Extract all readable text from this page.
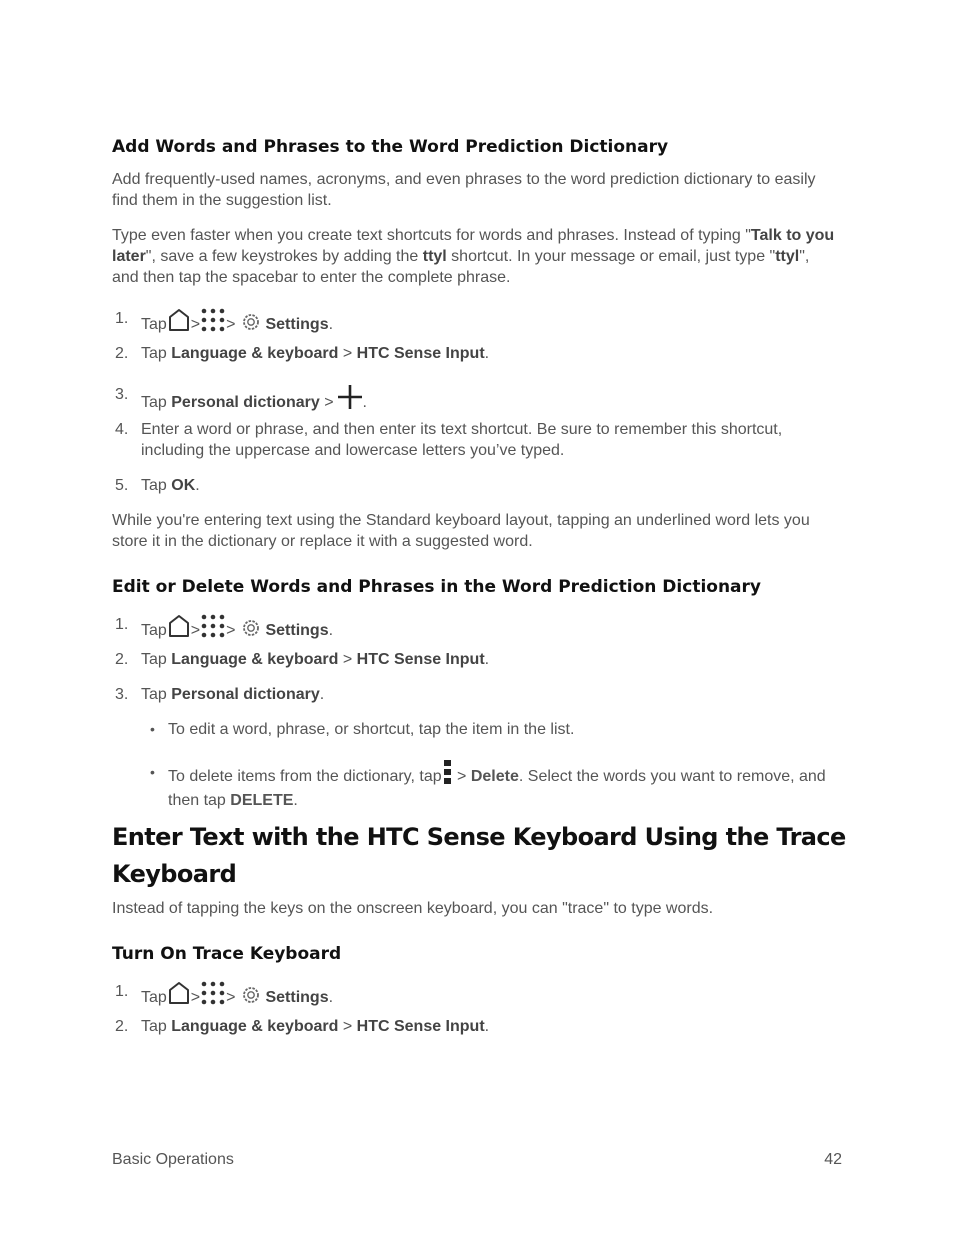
Add Words and Phrases to the Word Prediction Dictionary

Add frequently-used names, acronyms, and even phrases to the word prediction dictionary to easily find them in the suggestion list.

Type even faster when you create text shortcuts for words and phrases. Instead of typing "Talk to you later", save a few keystrokes by adding the ttyl shortcut. In your message or email, just type "ttyl", and then tap the spacebar to enter the complete phrase.

1. Tap > > Settings.
2. Tap Language & keyboard > HTC Sense Input.
3. Tap Personal dictionary > .
4. Enter a word or phrase, and then enter its text shortcut. Be sure to remember this shortcut, including the uppercase and lowercase letters you’ve typed.
5. Tap OK.

While you're entering text using the Standard keyboard layout, tapping an underlined word lets you store it in the dictionary or replace it with a suggested word.

Edit or Delete Words and Phrases in the Word Prediction Dictionary
1. Tap > > Settings.
2. Tap Language & keyboard > HTC Sense Input.
3. Tap Personal dictionary.
• To edit a word, phrase, or shortcut, tap the item in the list.
• To delete items from the dictionary, tap > Delete. Select the words you want to remove, and then tap DELETE.
Enter Text with the HTC Sense Keyboard Using the Trace Keyboard

Instead of tapping the keys on the onscreen keyboard, you can "trace" to type words.

Turn On Trace Keyboard
1. Tap > > Settings.
2. Tap Language & keyboard > HTC Sense Input.
Basic Operations	42
